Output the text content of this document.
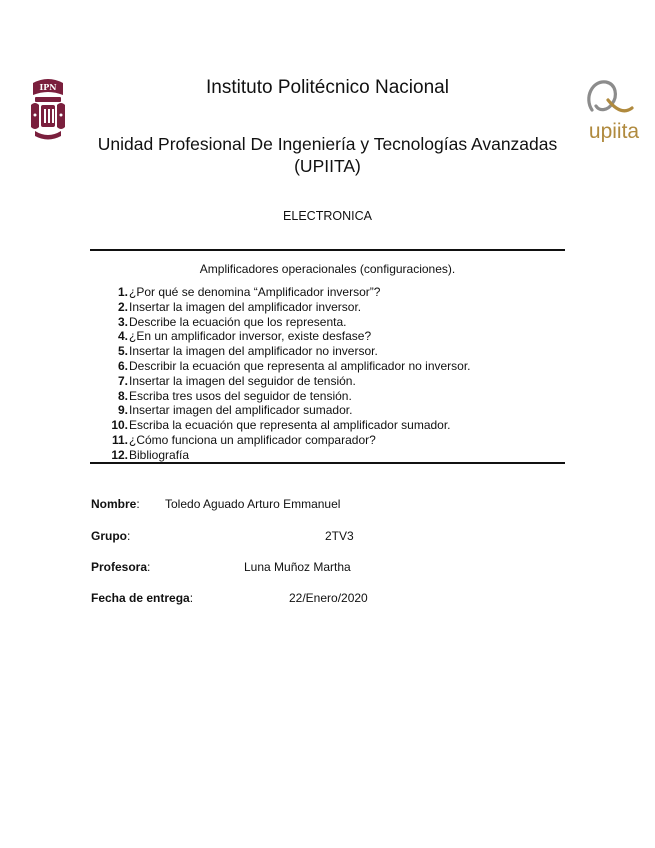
IPN
upiita
Instituto Politécnico Nacional
Unidad Profesional De Ingeniería y Tecnologías Avanzadas (UPIITA)
ELECTRONICA
Amplificadores operacionales (configuraciones).
1.¿Por qué se denomina “Amplificador inversor”?
2.Insertar la imagen del amplificador inversor.
3.Describe la ecuación que los representa.
4.¿En un amplificador inversor, existe desfase?
5.Insertar la imagen del amplificador no inversor.
6.Describir la ecuación que representa al amplificador no inversor.
7.Insertar la imagen del seguidor de tensión.
8.Escriba tres usos del seguidor de tensión.
9.Insertar imagen del amplificador sumador.
10.Escriba la ecuación que representa al amplificador sumador.
11.¿Cómo funciona un amplificador comparador?
12.Bibliografía
Nombre: Toledo Aguado Arturo Emmanuel
Grupo:	2TV3
Profesora:	Luna Muñoz Martha
Fecha de entrega:	22/Enero/2020
